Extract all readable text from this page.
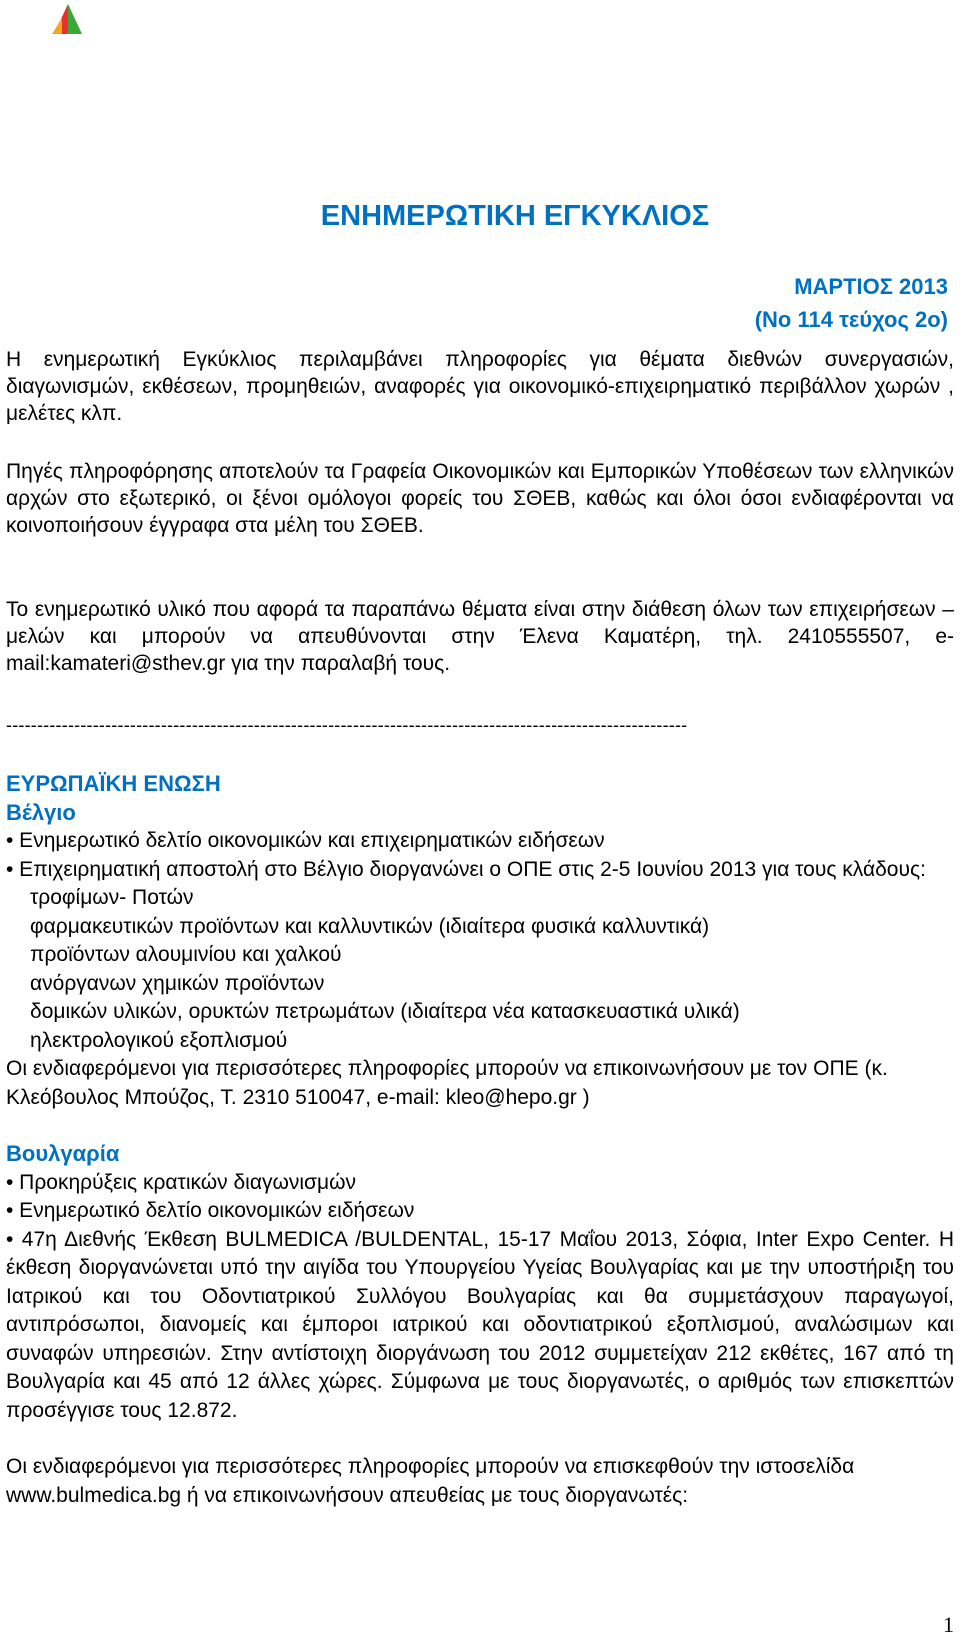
ΕΝΗΜΕΡΩΤΙΚΗ ΕΓΚΥΚΛΙΟΣ
ΜΑΡΤΙΟΣ 2013
(Νο 114 τεύχος 2ο)
Η ενημερωτική Εγκύκλιος περιλαμβάνει πληροφορίες για θέματα διεθνών συνεργασιών, διαγωνισμών, εκθέσεων, προμηθειών, αναφορές για οικονομικό-επιχειρηματικό περιβάλλον χωρών , μελέτες κλπ.
Πηγές πληροφόρησης αποτελούν τα Γραφεία Οικονομικών και Εμπορικών Υποθέσεων των ελληνικών αρχών στο εξωτερικό, οι ξένοι ομόλογοι φορείς του ΣΘΕΒ, καθώς και όλοι όσοι ενδιαφέρονται να κοινοποιήσουν έγγραφα στα μέλη του ΣΘΕΒ.
Το ενημερωτικό υλικό που αφορά τα παραπάνω θέματα είναι στην διάθεση όλων των επιχειρήσεων – μελών και μπορούν να απευθύνονται στην Έλενα Καματέρη, τηλ. 2410555507, e-mail:kamateri@sthev.gr για την παραλαβή τους.
--------------------------------------------------------------------------------------------------------------
ΕΥΡΩΠΑΪΚΗ ΕΝΩΣΗ
Βέλγιο
• Ενημερωτικό δελτίο οικονομικών και επιχειρηματικών ειδήσεων
• Επιχειρηματική αποστολή στο Βέλγιο διοργανώνει ο ΟΠΕ στις 2-5 Ιουνίου 2013 για τους κλάδους:
τροφίμων- Ποτών
φαρμακευτικών προϊόντων και καλλυντικών (ιδιαίτερα φυσικά καλλυντικά)
προϊόντων αλουμινίου και χαλκού
ανόργανων χημικών προϊόντων
δομικών υλικών, ορυκτών πετρωμάτων (ιδιαίτερα νέα κατασκευαστικά υλικά)
ηλεκτρολογικού εξοπλισμού
Οι ενδιαφερόμενοι για περισσότερες πληροφορίες μπορούν να επικοινωνήσουν με τον ΟΠΕ (κ. Κλεόβουλος Μπούζος, Τ. 2310 510047, e-mail: kleo@hepo.gr )
Βουλγαρία
• Προκηρύξεις κρατικών διαγωνισμών
• Ενημερωτικό δελτίο οικονομικών ειδήσεων
• 47η Διεθνής Έκθεση BULMEDICA /BULDENTAL, 15-17 Μαΐου 2013, Σόφια, Inter Expo Center. Η έκθεση διοργανώνεται υπό την αιγίδα του Υπουργείου Υγείας Βουλγαρίας και με την υποστήριξη του Ιατρικού και του Οδοντιατρικού Συλλόγου Βουλγαρίας και θα συμμετάσχουν παραγωγοί, αντιπρόσωποι, διανομείς και έμποροι ιατρικού και οδοντιατρικού εξοπλισμού, αναλώσιμων και συναφών υπηρεσιών. Στην αντίστοιχη διοργάνωση του 2012 συμμετείχαν 212 εκθέτες, 167 από τη Βουλγαρία και 45 από 12 άλλες χώρες. Σύμφωνα με τους διοργανωτές, ο αριθμός των επισκεπτών προσέγγισε τους 12.872.
Οι ενδιαφερόμενοι για περισσότερες πληροφορίες μπορούν να επισκεφθούν την ιστοσελίδα www.bulmedica.bg ή να επικοινωνήσουν απευθείας με τους διοργανωτές:
1
